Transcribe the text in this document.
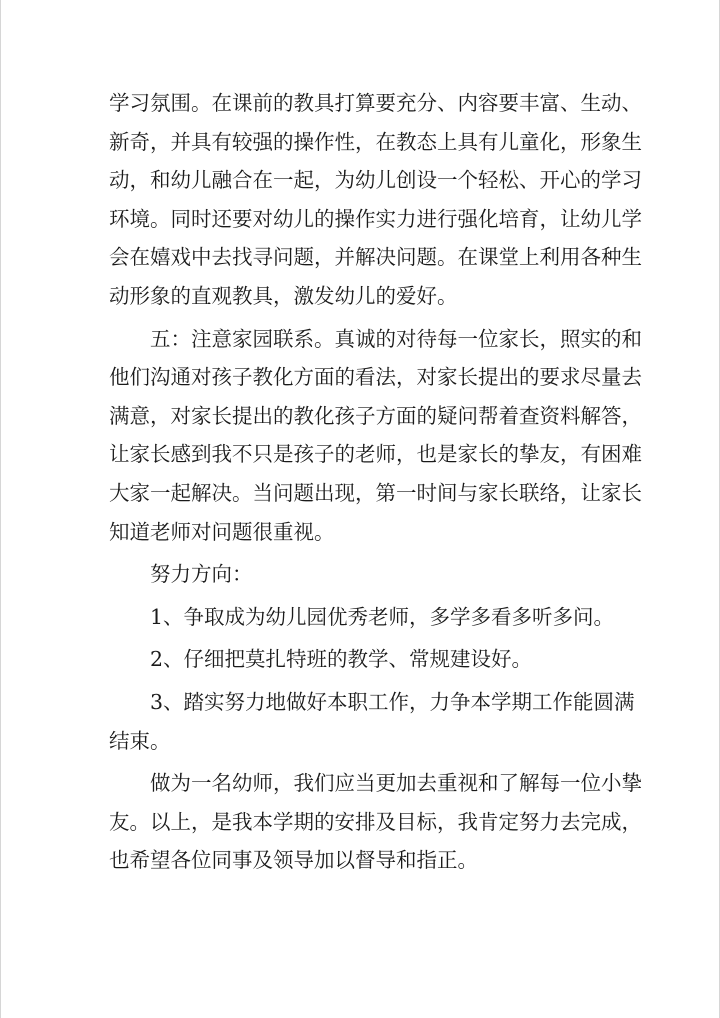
学习氛围。在课前的教具打算要充分、内容要丰富、生动、
新奇，并具有较强的操作性，在教态上具有儿童化，形象生
动，和幼儿融合在一起，为幼儿创设一个轻松、开心的学习
环境。同时还要对幼儿的操作实力进行强化培育，让幼儿学
会在嬉戏中去找寻问题，并解决问题。在课堂上利用各种生
动形象的直观教具，激发幼儿的爱好。
五：注意家园联系。真诚的对待每一位家长，照实的和
他们沟通对孩子教化方面的看法，对家长提出的要求尽量去
满意，对家长提出的教化孩子方面的疑问帮着查资料解答，
让家长感到我不只是孩子的老师，也是家长的挚友，有困难
大家一起解决。当问题出现，第一时间与家长联络，让家长
知道老师对问题很重视。
努力方向：
1、争取成为幼儿园优秀老师，多学多看多听多问。
2、仔细把莫扎特班的教学、常规建设好。
3、踏实努力地做好本职工作，力争本学期工作能圆满
结束。
做为一名幼师，我们应当更加去重视和了解每一位小挚
友。以上，是我本学期的安排及目标，我肯定努力去完成，
也希望各位同事及领导加以督导和指正。
